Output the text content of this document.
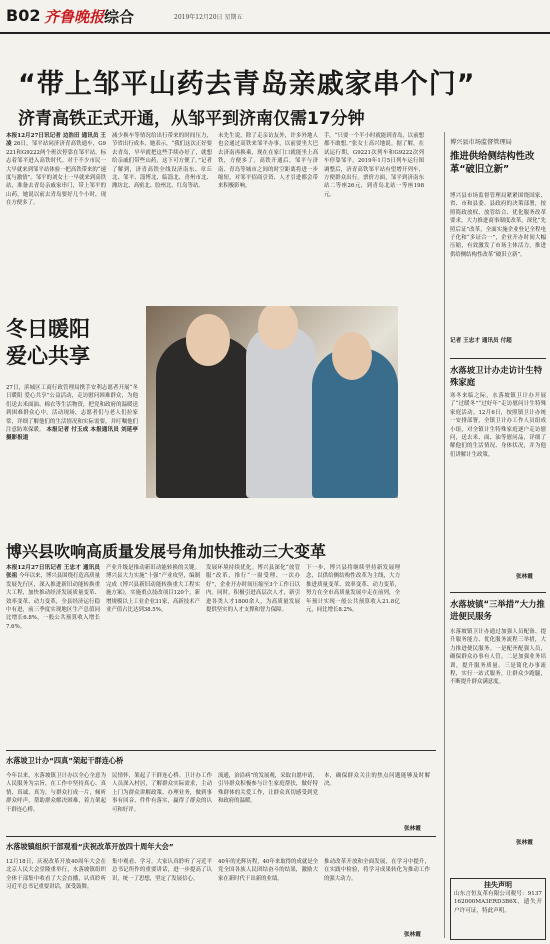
B02 齐鲁晚报 综合	2019年12月20日 星期五
“带上邹平山药去青岛亲戚家串个门”
济青高铁正式开通，从邹平到济南仅需17分钟
本报12月27日讯记者 边浩田 通讯员 王凌 26日，邹平站同济济青高铁通车，G9221和G9222两个班次停靠在邹平站，标志着邹平进入高铁时代。对于不少市民一大早就来到邹平站体验一把高铁带来的“速度与激情”。邹平的刘女士一早就来到高铁站，准备去青岛亲戚家串门，带上邹平的山药，她说以前去青岛要好几个小时，现在方便多了。
减少换车等情况给出行带来的时间压力，节省出行成本，她表示，“我们这次正好要去青岛，早早就把这些手续办好了，就想给亲戚们带些山药，这下可方便了。”记者了解到，济青高铁全线设济南东、章丘北、邹平、淄博北、临淄北、青州市北、潍坊北、高密北、胶州北、红岛等站。
未先生说，除了走亲访友外，许多外地人也会通过高铁来邹平办事，以前要坐大巴去济南再换乘，现在在家门口就能坐上高铁，方便多了。高铁开通后，邹平与济南、青岛等城市之间的时空距离将进一步缩短，对邹平招商引资、人才引进都会带来积极影响。
手。“只要一个半小时就能到青岛，以前想都不敢想。”张女士高兴地说。据了解，在试运行期，G9221次列车和G9222次列车停靠邹平，2019年1月5日列车运行图调整后，济青高铁邹平站有望增开列车，方便群众出行。票价方面，邹平到济南东站二等座26元，到青岛北站一等座198元。
冬日暖阳
爱心共享
27日，滨城区工商行政管理局携手安利志愿者开展“冬日暖阳 爱心共享”公益活动，走访慰问困难群众，为他们送去米面油、棉衣等生活物资，把党和政府的温暖送到困难群众心中。活动现场，志愿者们与老人们拉家常，详细了解他们的生活情况和实际需要，并叮嘱他们注意防寒保暖。 本报记者 付玉成 本报通讯员 刘延亭 摄影报道
博兴县吹响高质量发展号角加快推动三大变革
本报12月27日讯记者 王忠才 通讯员 张祖 今年以来，博兴县围绕打造高质量发展先行区，深入推进新旧动能转换重大工程，加快推动经济发展质量变革、效率变革、动力变革，全县经济运行稳中有进，前三季度实现地区生产总值同比增长6.8%，一般公共预算收入增长7.6%。
产业升级是推动新旧动能转换的关键。博兴县大力实施“十强”产业攻坚，编制完成《博兴县新旧动能转换重大工程实施方案》，实施重点技改项目120个，新增规模以上工业企业31家，高新技术产业产值占比达到38.5%。
发展环境持续优化。博兴县深化“放管服”改革，推行“一窗受理、一次办好”，企业开办时间压缩至3个工作日以内。同时，积极引进高层次人才，新引进各类人才1800余人，为高质量发展提供坚实的人才支撑和智力保障。
下一步，博兴县将继续坚持新发展理念，以供给侧结构性改革为主线，大力推进质量变革、效率变革、动力变革，努力在全市高质量发展中走在前列，全年预计实现一般公共预算收入21.8亿元，同比增长8.2%。
水落坡卫计办“四真”架起干群连心桥
今年以来，水落坡镇卫计办以全心全意为人民服务为宗旨，在工作中坚持真心、真情、真诚、真为，与群众打成一片，倾听群众呼声，帮助群众解决困难，着力架起干群连心桥。
民情怀，架起了干群连心桥。卫计办工作人员深入村居，了解群众实际需求，主动上门为群众讲解政策、办理业务，做到事事有回音、件件有落实，赢得了群众的认可和好评。
流通，治沿病”的发展观，采取自愿申请，引导群众积极参与计生家庭帮扶，做好特殊群体的关爱工作，让群众真切感受到党和政府的温暖。
本，确保群众关注的焦点问题能够及时解决。
张林霞
水落坡镇组织干部观看“庆祝改革开放四十周年大会”
12月18日，庆祝改革开放40周年大会在北京人民大会堂隆重举行，水落坡镇组织全体干部集中收看了大会直播，认真聆听习近平总书记重要讲话，深受鼓舞。
集中观看、学习。大家认真聆听了习近平总书记所作的重要讲话，进一步提高了认识，统一了思想，坚定了发展信心。
40年的光辉历程，40年来取得的成就是全党全国各族人民团结奋斗的结果，激励大家在新时代干出新的业绩。
推动改革开放和全面发展，在学习中提升，在实践中检验，将学习成果转化为推动工作的强大动力。
张林霞
博兴县市场监督管理局
推进供给侧结构性改革“破旧立新”
博兴县市场监督管理局紧紧围绕国家、省、市和县委、县政府的决策部署，按照简政放权、放管结合、优化服务改革要求，大力推进商事制度改革，深化“先照后证”改革，全面实施企业登记全程电子化和“多证合一”，企业开办时间大幅压缩，有效激发了市场主体活力，推进供给侧结构性改革“破旧立新”。
记者 王忠才 通讯员 付超
水落坡卫计办走访计生特殊家庭
寒冬来临之际，水落坡镇卫计办开展了“过暖冬”“过好年”走访慰问计生特殊家庭活动。12月6日，按照镇卫计办统一安排部署，全镇卫计办工作人员组成小组，对全镇计生特殊家庭逐户走访慰问，送去米、面、油等慰问品，详细了解他们的生活情况、身体状况，并为他们讲解计生政策。
张林霞
水落坡镇“三举措”大力推进便民服务
水落坡镇卫计办通过加强人员配备、提升服务能力、优化服务流程三举措，大力推进便民服务。一是配齐配强人员，确保群众办事有人管。二是加强业务培训，提升服务质量。三是简化办事流程，实行一站式服务，让群众少跑腿，不断提升群众满意度。
张林霞
挂失声明
山东言恒友革有限公司税号：9137162000MA3ERD3B6X，遗失开户许可证，特此声明。
